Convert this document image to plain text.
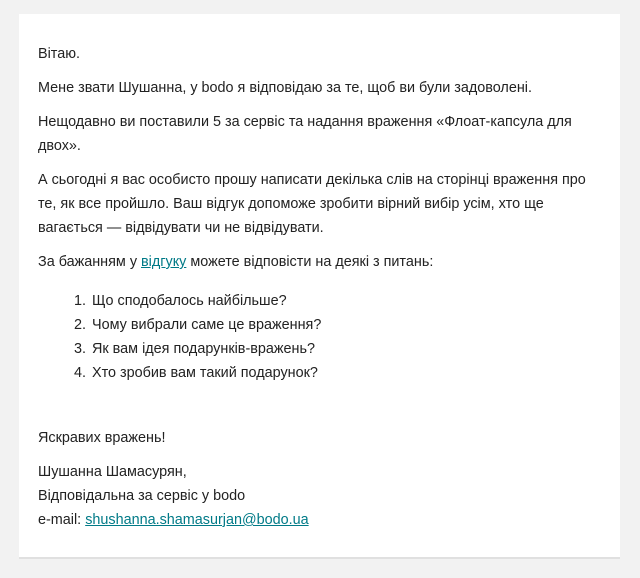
Вітаю.

Мене звати Шушанна, у bodo я відповідаю за те, щоб ви були задоволені.

Нещодавно ви поставили 5 за сервіс та надання враження «Флоат-капсула для двох».

А сьогодні я вас особисто прошу написати декілька слів на сторінці враження про те, як все пройшло. Ваш відгук допоможе зробити вірний вибір усім, хто ще вагається — відвідувати чи не відвідувати.

За бажанням у відгуку можете відповісти на деякі з питань:

1. Що сподобалось найбільше?
2. Чому вибрали саме це враження?
3. Як вам ідея подарунків-вражень?
4. Хто зробив вам такий подарунок?

Яскравих вражень!

Шушанна Шамасурян,
Відповідальна за сервіс у bodo
e-mail: shushanna.shamasurjan@bodo.ua
